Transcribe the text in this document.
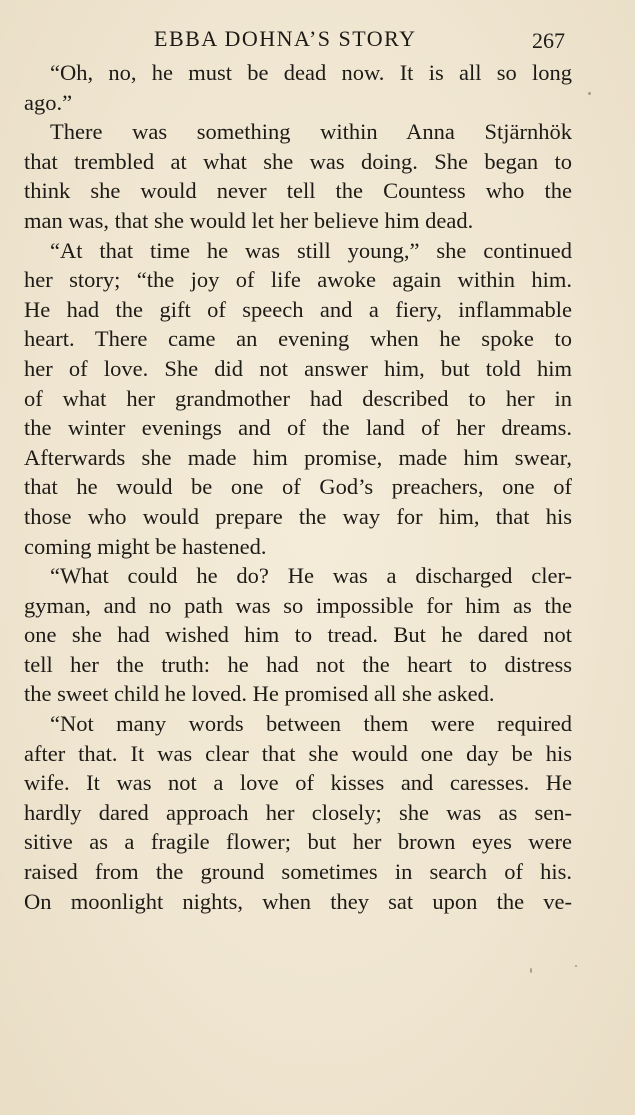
EBBA DOHNA’S STORY	267
“Oh, no, he must be dead now. It is all so long
ago.”
There was something within Anna Stjärnhök
that trembled at what she was doing. She began to
think she would never tell the Countess who the
man was, that she would let her believe him dead.
“At that time he was still young,” she continued
her story; “the joy of life awoke again within him.
He had the gift of speech and a fiery, inflammable
heart. There came an evening when he spoke to
her of love. She did not answer him, but told him
of what her grandmother had described to her in
the winter evenings and of the land of her dreams.
Afterwards she made him promise, made him swear,
that he would be one of God’s preachers, one of
those who would prepare the way for him, that his
coming might be hastened.
“What could he do? He was a discharged cler-
gyman, and no path was so impossible for him as the
one she had wished him to tread. But he dared not
tell her the truth: he had not the heart to distress
the sweet child he loved. He promised all she asked.
“Not many words between them were required
after that. It was clear that she would one day be his
wife. It was not a love of kisses and caresses. He
hardly dared approach her closely; she was as sen-
sitive as a fragile flower; but her brown eyes were
raised from the ground sometimes in search of his.
On moonlight nights, when they sat upon the ve-
